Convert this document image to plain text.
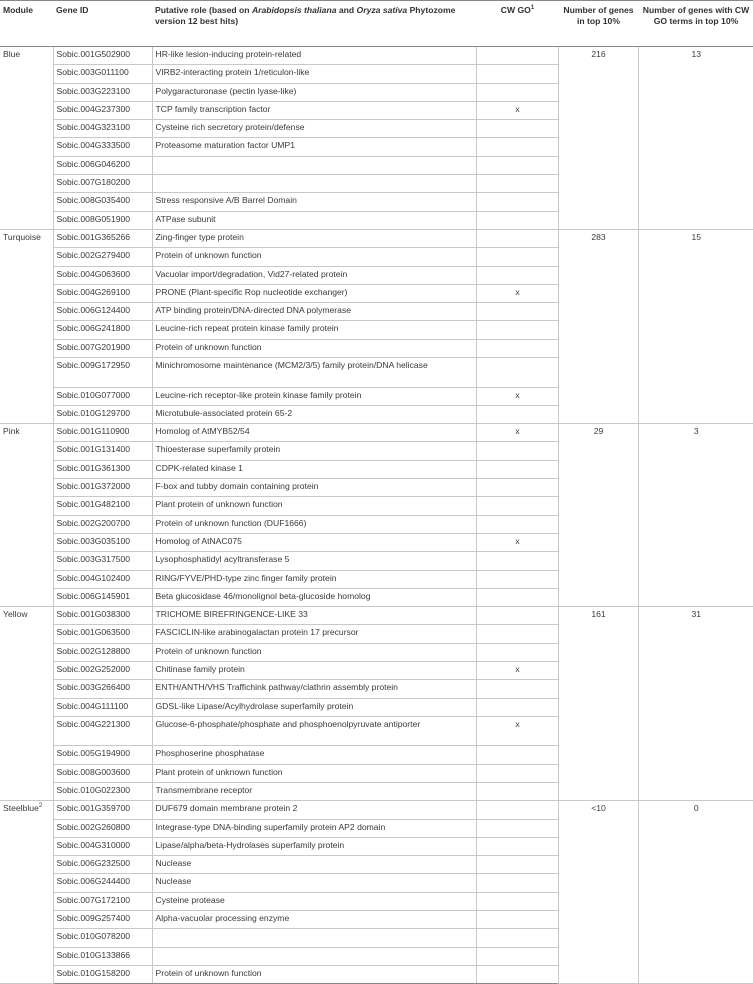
Module	Gene ID	Putative role (based on Arabidopsis thaliana and Oryza sativa Phytozome version 12 best hits)	CW $GO^1$	Number of genes in top 10%	Number of genes with CW GO terms in top 10%
Blue	Sobic.001G502900	HR-like lesion-inducing protein-related		216	13
	Sobic.003G011100	VIRB2-interacting protein 1/reticulon-like			
	Sobic.003G223100	Polygaracturonase (pectin lyase-like)			
	Sobic.004G237300	TCP family transcription factor	x		
	Sobic.004G323100	Cysteine rich secretory protein/defense			
	Sobic.004G333500	Proteasome maturation factor UMP1			
	Sobic.006G046200				
	Sobic.007G180200				
	Sobic.008G035400	Stress responsive A/B Barrel Domain			
	Sobic.008G051900	ATPase subunit			
Turquoise	Sobic.001G365266	Zing-finger type protein		283	15
	Sobic.002G279400	Protein of unknown function			
	Sobic.004G063600	Vacuolar import/degradation, Vid27-related protein			
	Sobic.004G269100	PRONE (Plant-specific Rop nucleotide exchanger)	x		
	Sobic.006G124400	ATP binding protein/DNA-directed DNA polymerase			
	Sobic.006G241800	Leucine-rich repeat protein kinase family protein			
	Sobic.007G201900	Protein of unknown function			
	Sobic.009G172950	Minichromosome maintenance (MCM2/3/5) family protein/DNA helicase			
	Sobic.010G077000	Leucine-rich receptor-like protein kinase family protein	x		
	Sobic.010G129700	Microtubule-associated protein 65-2			
Pink	Sobic.001G110900	Homolog of AtMYB52/54	x	29	3
	Sobic.001G131400	Thioesterase superfamily protein			
	Sobic.001G361300	CDPK-related kinase 1			
	Sobic.001G372000	F-box and tubby domain containing protein			
	Sobic.001G482100	Plant protein of unknown function			
	Sobic.002G200700	Protein of unknown function (DUF1666)			
	Sobic.003G035100	Homolog of AtNAC075	x		
	Sobic.003G317500	Lysophosphatidyl acyltransferase 5			
	Sobic.004G102400	RING/FYVE/PHD-type zinc finger family protein			
	Sobic.006G145901	Beta glucosidase 46/monolignol beta-glucoside homolog			
Yellow	Sobic.001G038300	TRICHOME BIREFRINGENCE-LIKE 33		161	31
	Sobic.001G063500	FASCICLIN-like arabinogalactan protein 17 precursor			
	Sobic.002G128800	Protein of unknown function			
	Sobic.002G252000	Chitinase family protein	x		
	Sobic.003G266400	ENTH/ANTH/VHS Traffichink pathway/clathrin assembly protein			
	Sobic.004G111100	GDSL-like Lipase/Acylhydrolase superfamily protein			
	Sobic.004G221300	Glucose-6-phosphate/phosphate and phosphoenolpyruvate antiporter	x		
	Sobic.005G194900	Phosphoserine phosphatase			
	Sobic.008G003600	Plant protein of unknown function			
	Sobic.010G022300	Transmembrane receptor			
Steelblue$^2$	Sobic.001G359700	DUF679 domain membrane protein 2		<10	0
	Sobic.002G260800	Integrase-type DNA-binding superfamily protein AP2 domain			
	Sobic.004G310000	Lipase/alpha/beta-Hydrolases superfamily protein			
	Sobic.006G232500	Nuclease			
	Sobic.006G244400	Nuclease			
	Sobic.007G172100	Cysteine protease			
	Sobic.009G257400	Alpha-vacuolar processing enzyme			
	Sobic.010G078200				
	Sobic.010G133866				
	Sobic.010G158200	Protein of unknown function			
